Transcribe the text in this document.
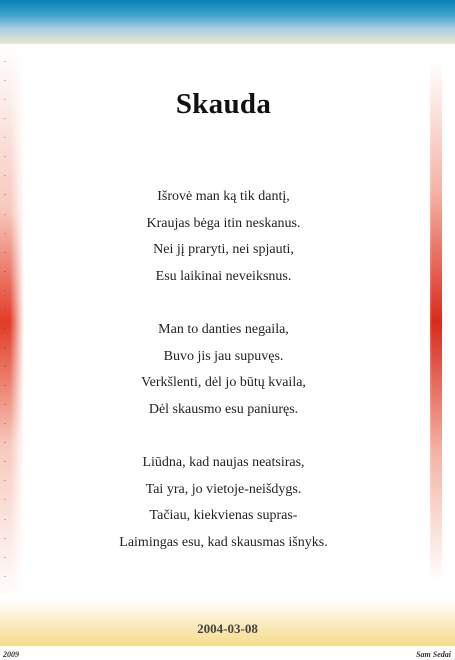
-
-
-
-
-
-
-
-
-
-
-
-
-
-
-
-
-
-
-
-
-
-
-
-
-
-
-
-
Skauda
Išrovė man ką tik dantį,
Kraujas bėga itin neskanus.
Nei jį praryti, nei spjauti,
Esu laikinai neveiksnus.
Man to danties negaila,
Buvo jis jau supuvęs.
Verkšlenti, dėl jo būtų kvaila,
Dėl skausmo esu paniuręs.
Liūdna, kad naujas neatsiras,
Tai yra, jo vietoje-neišdygs.
Tačiau, kiekvienas supras-
Laimingas esu, kad skausmas išnyks.
2004-03-08
2009	Sam Sedai
